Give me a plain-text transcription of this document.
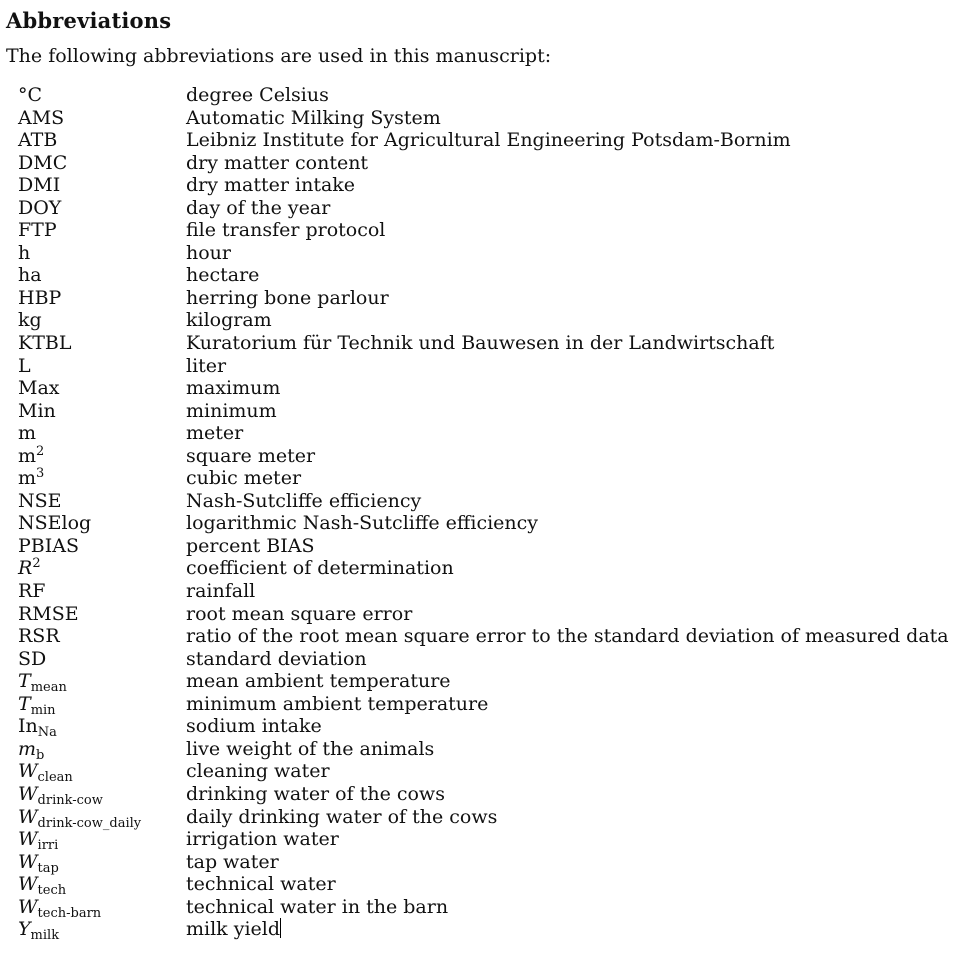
Abbreviations
The following abbreviations are used in this manuscript:
°C	degree Celsius
AMS	Automatic Milking System
ATB	Leibniz Institute for Agricultural Engineering Potsdam-Bornim
DMC	dry matter content
DMI	dry matter intake
DOY	day of the year
FTP	file transfer protocol
h	hour
ha	hectare
HBP	herring bone parlour
kg	kilogram
KTBL	Kuratorium für Technik und Bauwesen in der Landwirtschaft
L	liter
Max	maximum
Min	minimum
m	meter
$m^2$	square meter
$m^3$	cubic meter
NSE	Nash-Sutcliffe efficiency
NSElog	logarithmic Nash-Sutcliffe efficiency
PBIAS	percent BIAS
$R^2$	coefficient of determination
RF	rainfall
RMSE	root mean square error
RSR	ratio of the root mean square error to the standard deviation of measured data
SD	standard deviation
$T_{mean}$	mean ambient temperature
$T_{min}$	minimum ambient temperature
$In_{Na}$	sodium intake
$m_b$	live weight of the animals
$W_{clean}$	cleaning water
$W_{drink-cow}$	drinking water of the cows
$W_{drink-cow\_daily}$	daily drinking water of the cows
$W_{irri}$	irrigation water
$W_{tap}$	tap water
$W_{tech}$	technical water
$W_{tech-barn}$	technical water in the barn
$Y_{milk}$	milk yield
